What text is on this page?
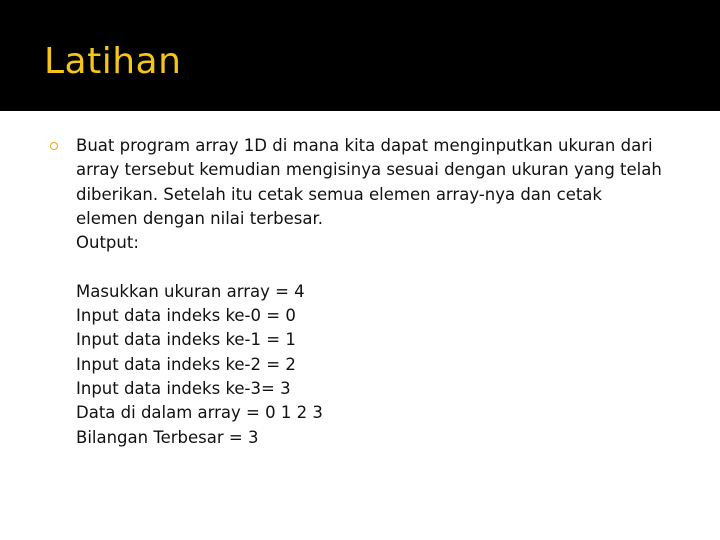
Latihan
Buat program array 1D di mana kita dapat menginputkan ukuran dari
array tersebut kemudian mengisinya sesuai dengan ukuran yang telah
diberikan. Setelah itu cetak semua elemen array-nya dan cetak
elemen dengan nilai terbesar.
Output:
Masukkan ukuran array = 4
Input data indeks ke-0 = 0
Input data indeks ke-1 = 1
Input data indeks ke-2 = 2
Input data indeks ke-3= 3
Data di dalam array = 0 1 2 3
Bilangan Terbesar = 3
